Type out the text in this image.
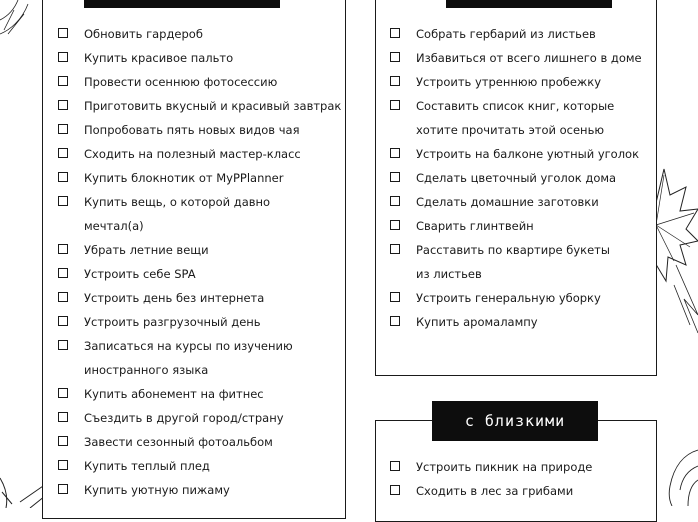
с близкими
Обновить гардероб
Купить красивое пальто
Провести осеннюю фотосессию
Приготовить вкусный и красивый завтрак
Попробовать пять новых видов чая
Сходить на полезный мастер-класс
Купить блокнотик от MyPPlanner
Купить вещь, о которой давно
мечтал(а)
Убрать летние вещи
Устроить себе SPA
Устроить день без интернета
Устроить разгрузочный день
Записаться на курсы по изучению
иностранного языка
Купить абонемент на фитнес
Съездить в другой город/страну
Завести сезонный фотоальбом
Купить теплый плед
Купить уютную пижаму
Собрать гербарий из листьев
Избавиться от всего лишнего в доме
Устроить утреннюю пробежку
Составить список книг, которые
хотите прочитать этой осенью
Устроить на балконе уютный уголок
Сделать цветочный уголок дома
Сделать домашние заготовки
Сварить глинтвейн
Расставить по квартире букеты
из листьев
Устроить генеральную уборку
Купить аромалампу
Устроить пикник на природе
Сходить в лес за грибами
